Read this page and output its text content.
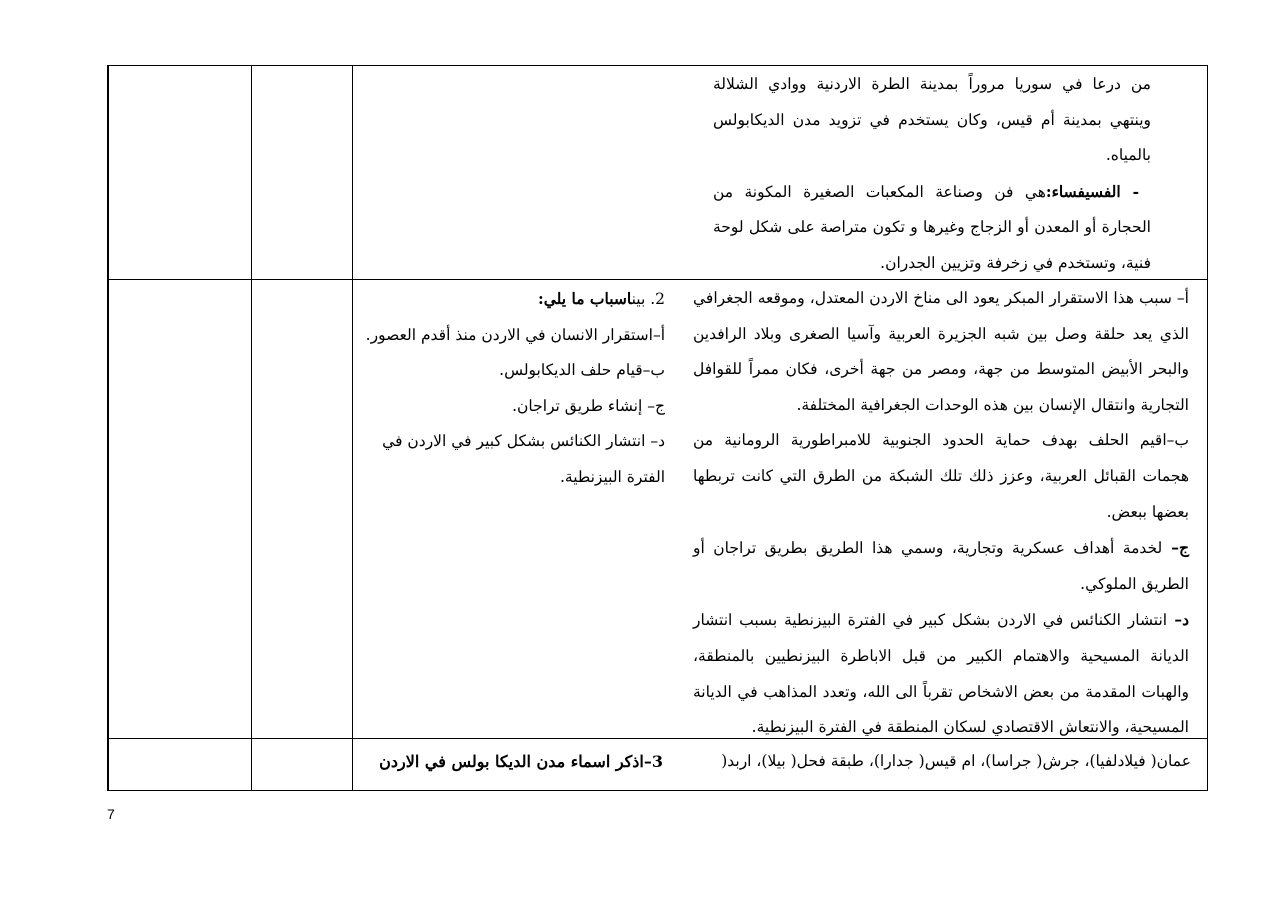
من درعا في سوريا مروراً بمدينة الطرة الاردنية ووادي الشلالة وينتهي بمدينة أم قيس، وكان يستخدم في تزويد مدن الديكابولس بالمياه.
- الفسيفساء:هي فن وصناعة المكعبات الصغيرة المكونة من الحجارة أو المعدن أو الزجاج وغيرها و تكون متراصة على شكل لوحة فنية، وتستخدم في زخرفة وتزيين الجدران.

أ– سبب هذا الاستقرار المبكر يعود الى مناخ الاردن المعتدل، وموقعه الجغرافي الذي يعد حلقة وصل بين شبه الجزيرة العربية وآسيا الصغرى وبلاد الرافدين والبحر الأبيض المتوسط من جهة، ومصر من جهة أخرى، فكان ممراً للقوافل التجارية وانتقال الإنسان بين هذه الوحدات الجغرافية المختلفة.
ب–اقيم الحلف بهدف حماية الحدود الجنوبية للامبراطورية الرومانية من هجمات القبائل العربية، وعزز ذلك تلك الشبكة من الطرق التي كانت تربطها بعضها ببعض.
ج– لخدمة أهداف عسكرية وتجارية، وسمي هذا الطريق بطريق تراجان أو الطريق الملوكي.
د– انتشار الكنائس في الاردن بشكل كبير في الفترة البيزنطية بسبب انتشار الديانة المسيحية والاهتمام الكبير من قبل الاباطرة البيزنطيين بالمنطقة، والهبات المقدمة من بعض الاشخاص تقرباً الى الله، وتعدد المذاهب في الديانة المسيحية، والانتعاش الاقتصادي لسكان المنطقة في الفترة البيزنطية.

2. بيناسباب ما يلي:
أ–استقرار الانسان في الاردن منذ أقدم العصور.
ب–قيام حلف الديكابولس.
ج– إنشاء طريق تراجان.
د– انتشار الكنائس بشكل كبير في الاردن في الفترة البيزنطية.

عمان( فيلادلفيا)، جرش( جراسا)، ام قيس( جدارا)، طبقة فحل( بيلا)، اربد(

3–اذكر اسماء مدن الديكا بولس في الاردن

7
